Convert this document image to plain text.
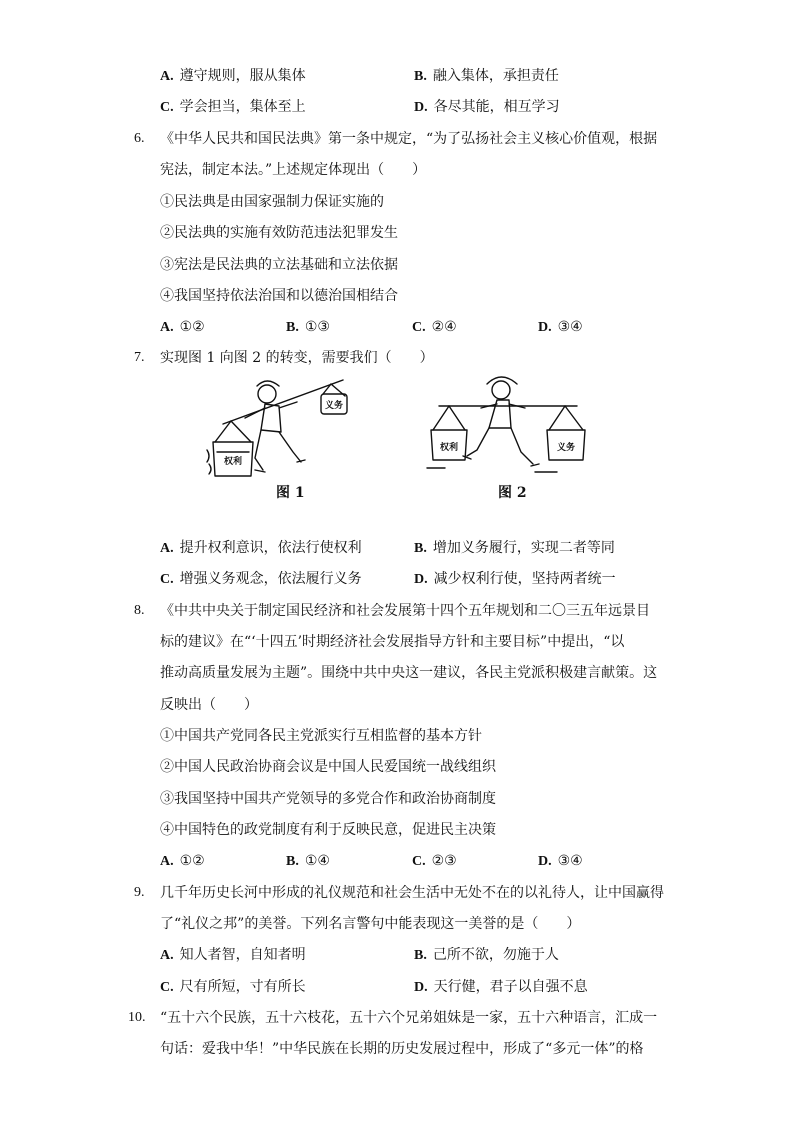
A. 遵守规则，服从集体	B. 融入集体，承担责任
C. 学会担当，集体至上	D. 各尽其能，相互学习
6. 《中华人民共和国民法典》第一条中规定，“为了弘扬社会主义核心价值观，根据
宪法，制定本法。”上述规定体现出（　　）
①民法典是由国家强制力保证实施的
②民法典的实施有效防范违法犯罪发生
③宪法是民法典的立法基础和立法依据
④我国坚持依法治国和以德治国相结合
A. ①②	B. ①③	C. ②④	D. ③④
7. 实现图 1 向图 2 的转变，需要我们（　　）
权利
义务
图 1
权利	义务
图 2
A. 提升权利意识，依法行使权利	B. 增加义务履行，实现二者等同
C. 增强义务观念，依法履行义务	D. 减少权利行使，坚持两者统一
8. 《中共中央关于制定国民经济和社会发展第十四个五年规划和二〇三五年远景目
标的建议》在“‘十四五’时期经济社会发展指导方针和主要目标”中提出，“以
推动高质量发展为主题”。围绕中共中央这一建议，各民主党派积极建言献策。这
反映出（　　）
①中国共产党同各民主党派实行互相监督的基本方针
②中国人民政治协商会议是中国人民爱国统一战线组织
③我国坚持中国共产党领导的多党合作和政治协商制度
④中国特色的政党制度有利于反映民意，促进民主决策
A. ①②	B. ①④	C. ②③	D. ③④
9. 几千年历史长河中形成的礼仪规范和社会生活中无处不在的以礼待人，让中国赢得
了“礼仪之邦”的美誉。下列名言警句中能表现这一美誉的是（　　）
A. 知人者智，自知者明	B. 己所不欲，勿施于人
C. 尺有所短，寸有所长	D. 天行健，君子以自强不息
10. “五十六个民族，五十六枝花，五十六个兄弟姐妹是一家，五十六种语言，汇成一
句话：爱我中华！”中华民族在长期的历史发展过程中，形成了“多元一体”的格
